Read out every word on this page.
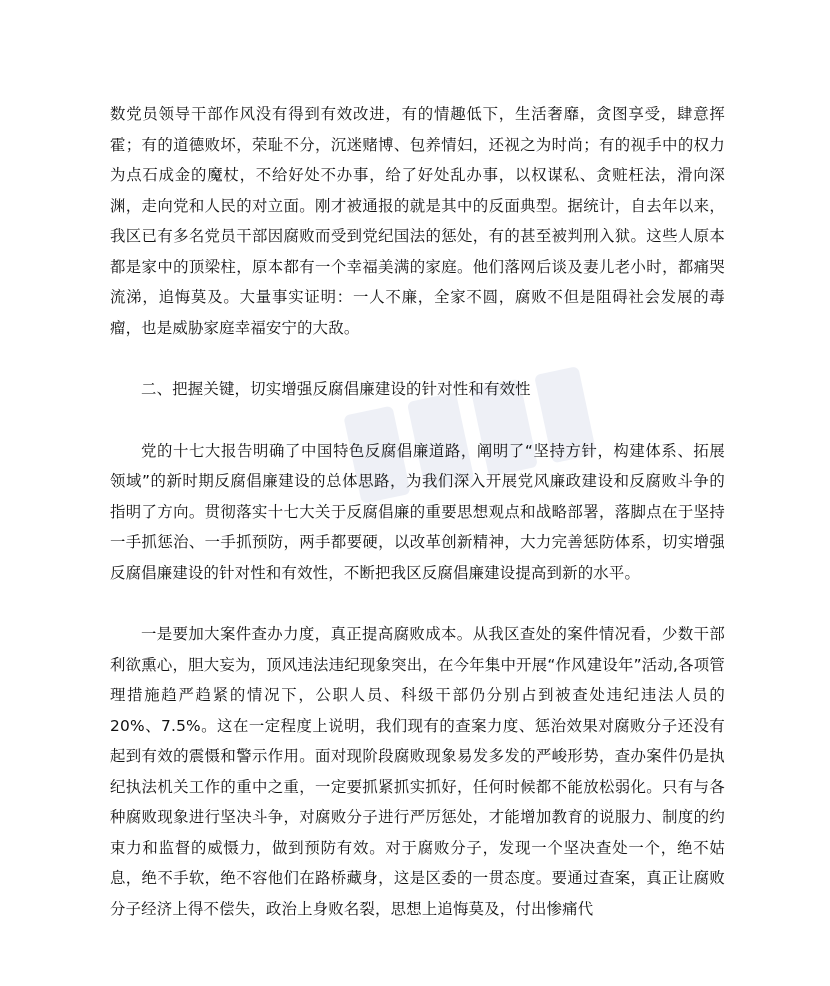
数党员领导干部作风没有得到有效改进，有的情趣低下，生活奢靡，贪图享受，肆意挥霍；有的道德败坏，荣耻不分，沉迷赌博、包养情妇，还视之为时尚；有的视手中的权力为点石成金的魔杖，不给好处不办事，给了好处乱办事，以权谋私、贪赃枉法，滑向深渊，走向党和人民的对立面。刚才被通报的就是其中的反面典型。据统计，自去年以来，我区已有多名党员干部因腐败而受到党纪国法的惩处，有的甚至被判刑入狱。这些人原本都是家中的顶梁柱，原本都有一个幸福美满的家庭。他们落网后谈及妻儿老小时，都痛哭流涕，追悔莫及。大量事实证明：一人不廉，全家不圆，腐败不但是阻碍社会发展的毒瘤，也是威胁家庭幸福安宁的大敌。

二、把握关键，切实增强反腐倡廉建设的针对性和有效性

党的十七大报告明确了中国特色反腐倡廉道路，阐明了“坚持方针，构建体系、拓展领域”的新时期反腐倡廉建设的总体思路，为我们深入开展党风廉政建设和反腐败斗争的指明了方向。贯彻落实十七大关于反腐倡廉的重要思想观点和战略部署，落脚点在于坚持一手抓惩治、一手抓预防，两手都要硬，以改革创新精神，大力完善惩防体系，切实增强反腐倡廉建设的针对性和有效性，不断把我区反腐倡廉建设提高到新的水平。

一是要加大案件查办力度，真正提高腐败成本。从我区查处的案件情况看，少数干部利欲熏心，胆大妄为，顶风违法违纪现象突出，在今年集中开展“作风建设年”活动,各项管理措施趋严趋紧的情况下，公职人员、科级干部仍分别占到被查处违纪违法人员的 20%、7.5%。这在一定程度上说明，我们现有的查案力度、惩治效果对腐败分子还没有起到有效的震慑和警示作用。面对现阶段腐败现象易发多发的严峻形势，查办案件仍是执纪执法机关工作的重中之重，一定要抓紧抓实抓好，任何时候都不能放松弱化。只有与各种腐败现象进行坚决斗争，对腐败分子进行严厉惩处，才能增加教育的说服力、制度的约束力和监督的威慑力，做到预防有效。对于腐败分子，发现一个坚决查处一个，绝不姑息，绝不手软，绝不容他们在路桥藏身，这是区委的一贯态度。要通过查案，真正让腐败分子经济上得不偿失，政治上身败名裂，思想上追悔莫及，付出惨痛代
